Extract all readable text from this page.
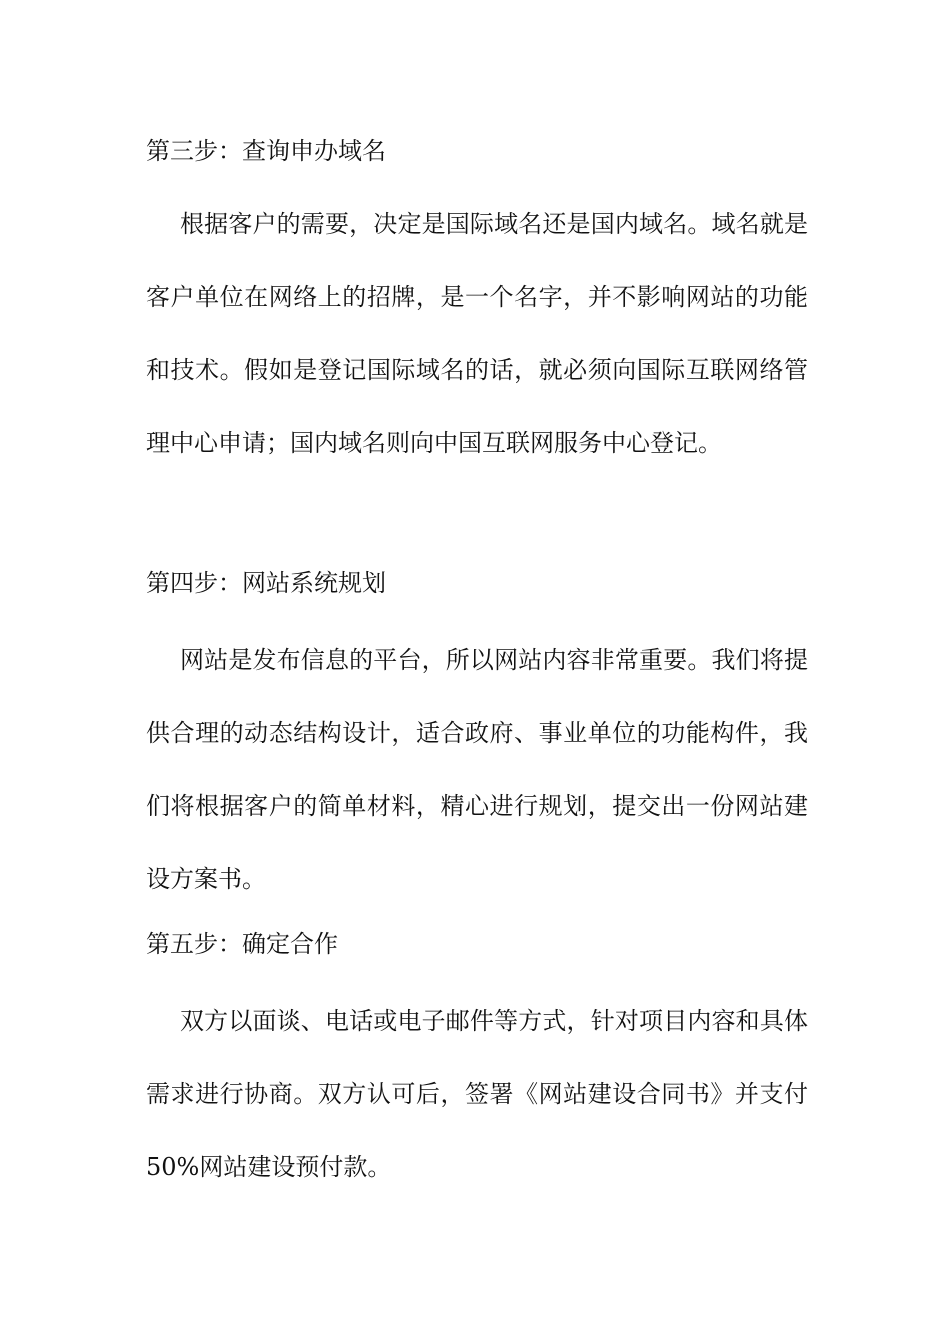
第三步：查询申办域名
根据客户的需要，决定是国际域名还是国内域名。域名就是客户单位在网络上的招牌，是一个名字，并不影响网站的功能和技术。假如是登记国际域名的话，就必须向国际互联网络管理中心申请；国内域名则向中国互联网服务中心登记。
第四步：网站系统规划
网站是发布信息的平台，所以网站内容非常重要。我们将提供合理的动态结构设计，适合政府、事业单位的功能构件，我们将根据客户的简单材料，精心进行规划，提交出一份网站建设方案书。
第五步：确定合作
双方以面谈、电话或电子邮件等方式，针对项目内容和具体需求进行协商。双方认可后，签署《网站建设合同书》并支付50%网站建设预付款。
